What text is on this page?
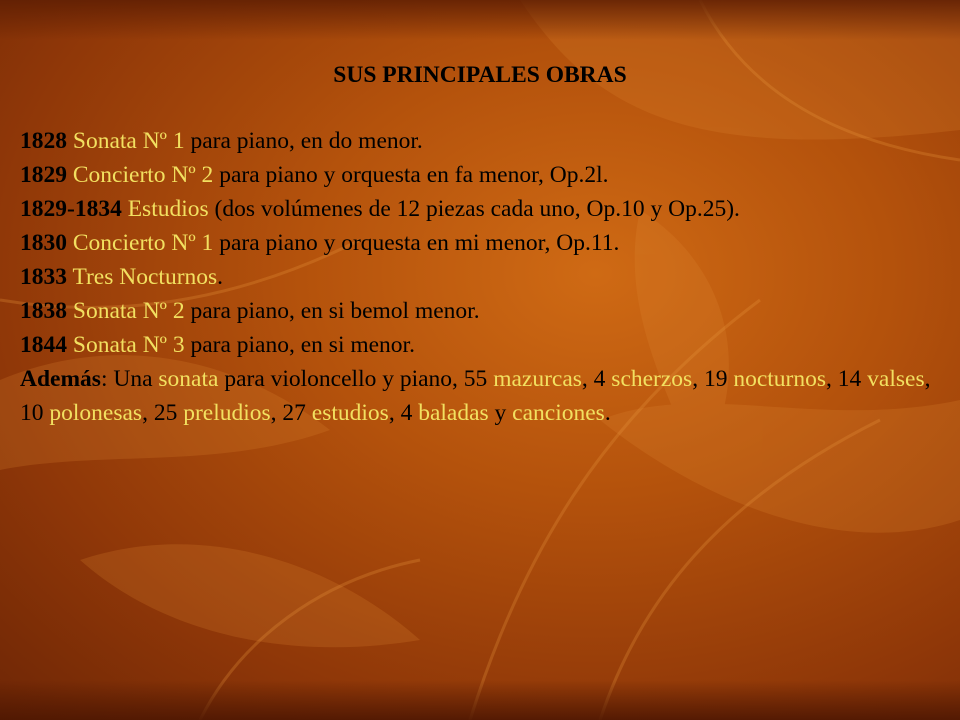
SUS PRINCIPALES OBRAS
1828 Sonata Nº 1 para piano, en do menor.
1829 Concierto Nº 2 para piano y orquesta en fa menor, Op.2l.
1829-1834 Estudios (dos volúmenes de 12 piezas cada uno, Op.10 y Op.25).
1830 Concierto Nº 1 para piano y orquesta en mi menor, Op.11.
1833 Tres Nocturnos.
1838 Sonata Nº 2 para piano, en si bemol menor.
1844 Sonata Nº 3 para piano, en si menor.
Además: Una sonata para violoncello y piano, 55 mazurcas, 4 scherzos, 19 nocturnos, 14 valses, 10 polonesas, 25 preludios, 27 estudios, 4 baladas y canciones.
